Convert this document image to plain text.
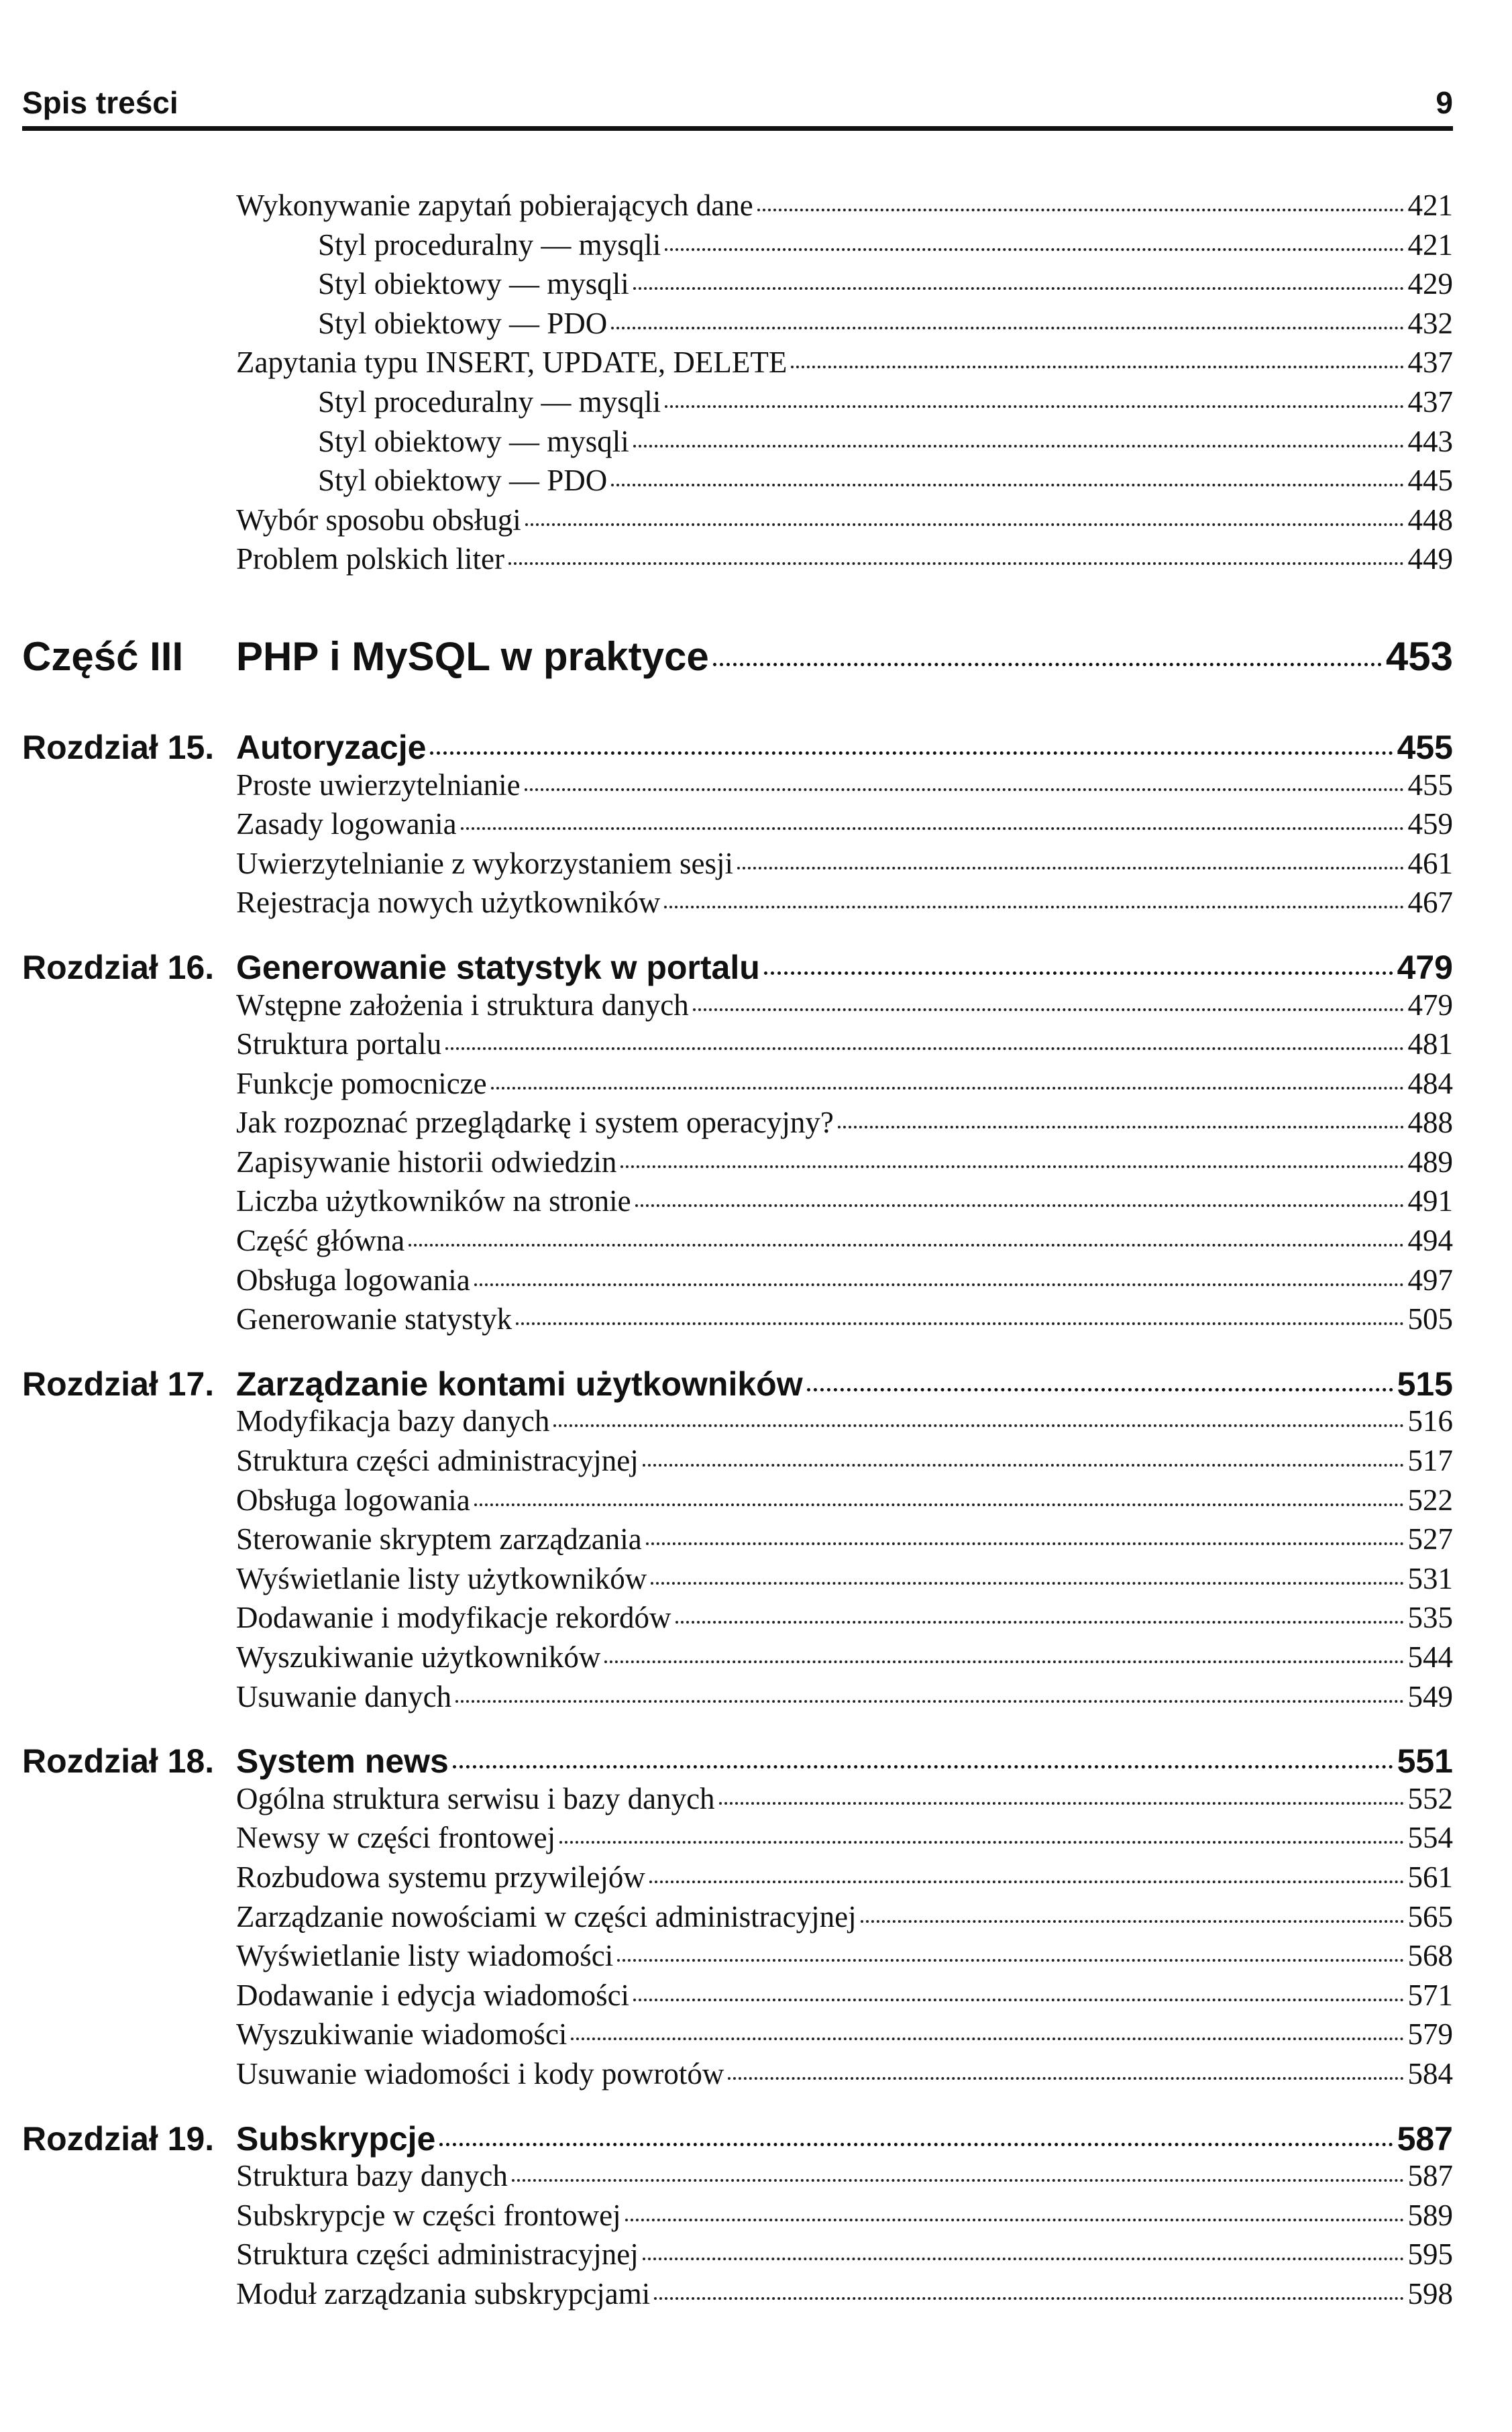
Spis treści	9
Wykonywanie zapytań pobierających dane	421
Styl proceduralny — mysqli	421
Styl obiektowy — mysqli	429
Styl obiektowy — PDO	432
Zapytania typu INSERT, UPDATE, DELETE	437
Styl proceduralny — mysqli	437
Styl obiektowy — mysqli	443
Styl obiektowy — PDO	445
Wybór sposobu obsługi	448
Problem polskich liter	449
Część III	PHP i MySQL w praktyce	453
Rozdział 15. Autoryzacje	455
Proste uwierzytelnianie	455
Zasady logowania	459
Uwierzytelnianie z wykorzystaniem sesji	461
Rejestracja nowych użytkowników	467
Rozdział 16. Generowanie statystyk w portalu	479
Wstępne założenia i struktura danych	479
Struktura portalu	481
Funkcje pomocnicze	484
Jak rozpoznać przeglądarkę i system operacyjny?	488
Zapisywanie historii odwiedzin	489
Liczba użytkowników na stronie	491
Część główna	494
Obsługa logowania	497
Generowanie statystyk	505
Rozdział 17. Zarządzanie kontami użytkowników	515
Modyfikacja bazy danych	516
Struktura części administracyjnej	517
Obsługa logowania	522
Sterowanie skryptem zarządzania	527
Wyświetlanie listy użytkowników	531
Dodawanie i modyfikacje rekordów	535
Wyszukiwanie użytkowników	544
Usuwanie danych	549
Rozdział 18. System news	551
Ogólna struktura serwisu i bazy danych	552
Newsy w części frontowej	554
Rozbudowa systemu przywilejów	561
Zarządzanie nowościami w części administracyjnej	565
Wyświetlanie listy wiadomości	568
Dodawanie i edycja wiadomości	571
Wyszukiwanie wiadomości	579
Usuwanie wiadomości i kody powrotów	584
Rozdział 19. Subskrypcje	587
Struktura bazy danych	587
Subskrypcje w części frontowej	589
Struktura części administracyjnej	595
Moduł zarządzania subskrypcjami	598
